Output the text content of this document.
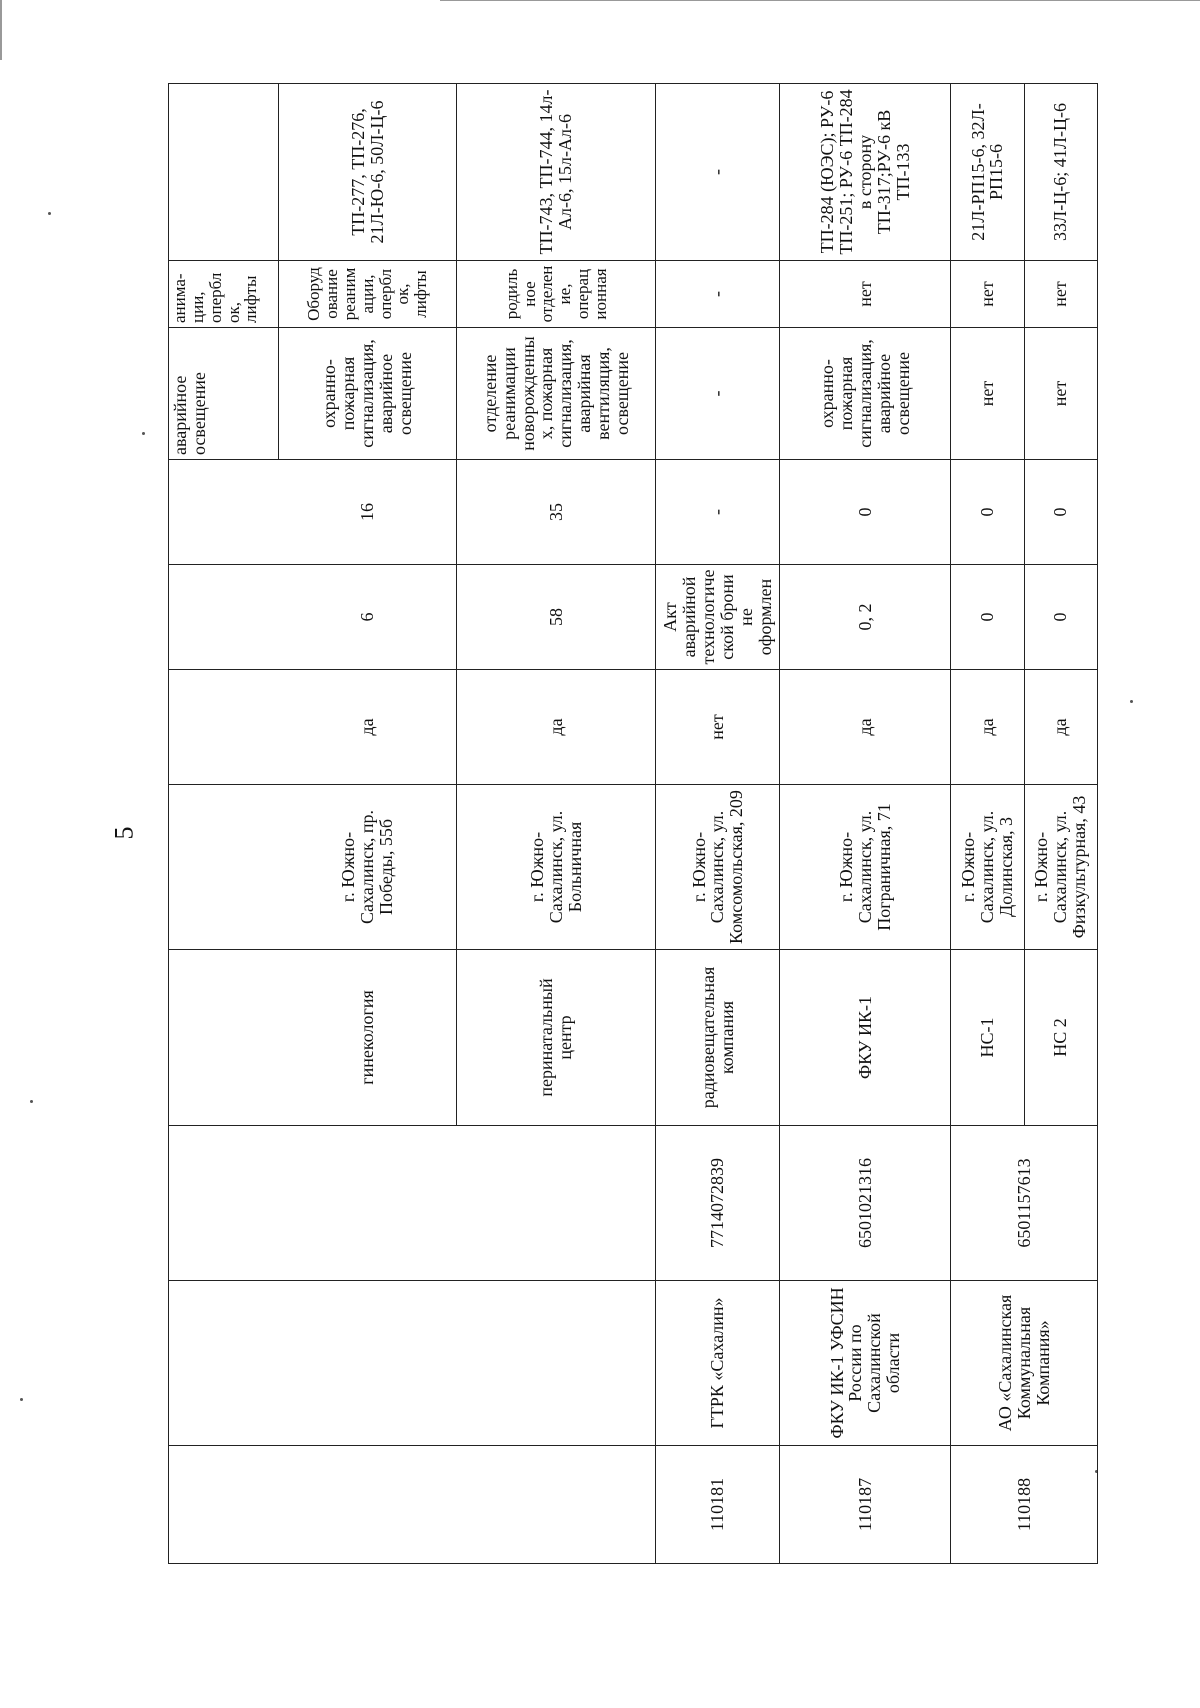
5
								аварийное освещение	анима-ции, оперблок, лифты	
			гинекология	г. Южно-Сахалинск, пр. Победы, 55б	да	6	16	охранно-пожарная сигнализация, аварийное освещение	Оборудование реанимации, оперблок, лифты	ТП-277, ТП-276, 21Л-Ю-6, 50Л-Ц-6
			перинатальный центр	г. Южно-Сахалинск, ул. Больничная	да	58	35	отделение реанимации новорожденных, пожарная сигнализация, аварийная вентиляция, освещение	родильное отделение, операционная	ТП-743, ТП-744, 14л-Ал-6, 15л-Ал-6
110181	ГТРК «Сахалин»	7714072839	радиовещательная компания	г. Южно-Сахалинск, ул. Комсомольская, 209	нет	Акт аварийной технологической брони не оформлен	-	-	-	-
110187	ФКУ ИК-1 УФСИН России по Сахалинской области	6501021316	ФКУ ИК-1	г. Южно-Сахалинск, ул. Пограничная, 71	да	0, 2	0	охранно-пожарная сигнализация, аварийное освещение	нет	ТП-284 (ЮЭС); РУ-6 ТП-251; РУ-6 ТП-284 в сторону ТП-317;РУ-6 кВ ТП-133
110188	АО «Сахалинская Коммунальная Компания»	6501157613	НС-1	г. Южно-Сахалинск, ул. Долинская, 3	да	0	0	нет	нет	21Л-РП15-6, 32Л-РП15-6
			НС 2	г. Южно-Сахалинск, ул. Физкультурная, 43	да	0	0	нет	нет	33Л-Ц-6; 41Л-Ц-6
